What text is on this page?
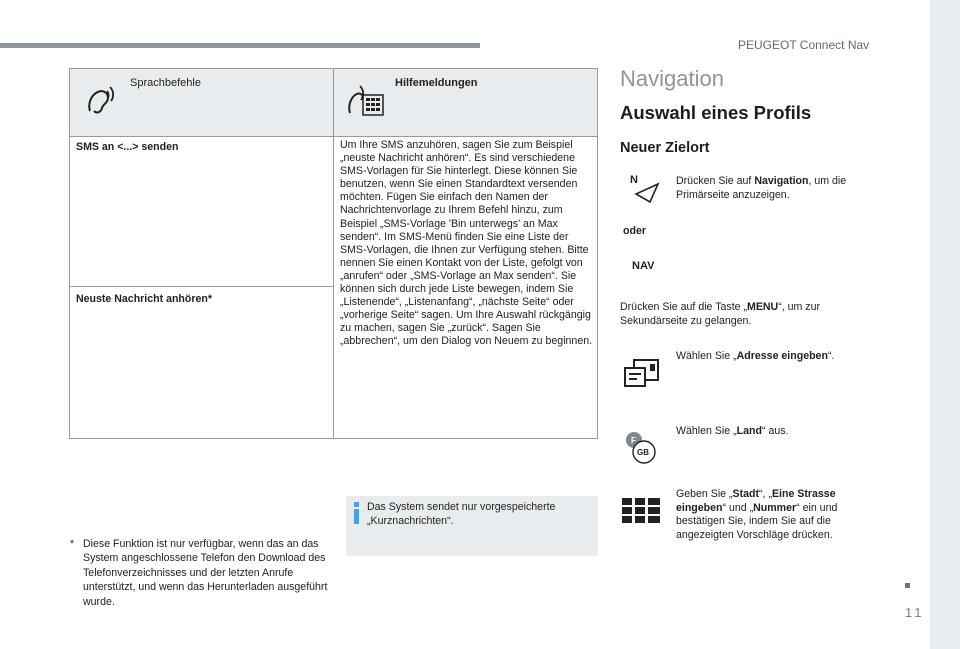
PEUGEOT Connect Nav
11
Sprachbefehle	Hilfemeldungen
SMS an <...> senden
Neuste Nachricht anhören*
Um Ihre SMS anzuhören, sagen Sie zum Beispiel „neuste Nachricht anhören“. Es sind verschiedene SMS-Vorlagen für Sie hinterlegt. Diese können Sie benutzen, wenn Sie einen Standardtext versenden möchten. Fügen Sie einfach den Namen der Nachrichtenvorlage zu Ihrem Befehl hinzu, zum Beispiel „SMS-Vorlage 'Bin unterwegs' an Max senden“. Im SMS-Menü finden Sie eine Liste der SMS-Vorlagen, die Ihnen zur Verfügung stehen. Bitte nennen Sie einen Kontakt von der Liste, gefolgt von „anrufen“ oder „SMS-Vorlage an Max senden“. Sie können sich durch jede Liste bewegen, indem Sie „Listenende“, „Listenanfang“, „nächste Seite“ oder „vorherige Seite“ sagen. Um Ihre Auswahl rückgängig zu machen, sagen Sie „zurück“. Sagen Sie „abbrechen“, um den Dialog von Neuem zu beginnen.
* Diese Funktion ist nur verfügbar, wenn das an das System angeschlossene Telefon den Download des Telefonverzeichnisses und der letzten Anrufe unterstützt, und wenn das Herunterladen ausgeführt wurde.
Das System sendet nur vorgespeicherte „Kurznachrichten“.
Navigation
Auswahl eines Profils
Neuer Zielort
N	Drücken Sie auf Navigation, um die Primärseite anzuzeigen.
oder
NAV
Drücken Sie auf die Taste „MENU“, um zur Sekundärseite zu gelangen.
Wählen Sie „Adresse eingeben“.
F
GB
Wählen Sie „Land“ aus.
Geben Sie „Stadt“, „Eine Strasse eingeben“ und „Nummer“ ein und bestätigen Sie, indem Sie auf die angezeigten Vorschläge drücken.
